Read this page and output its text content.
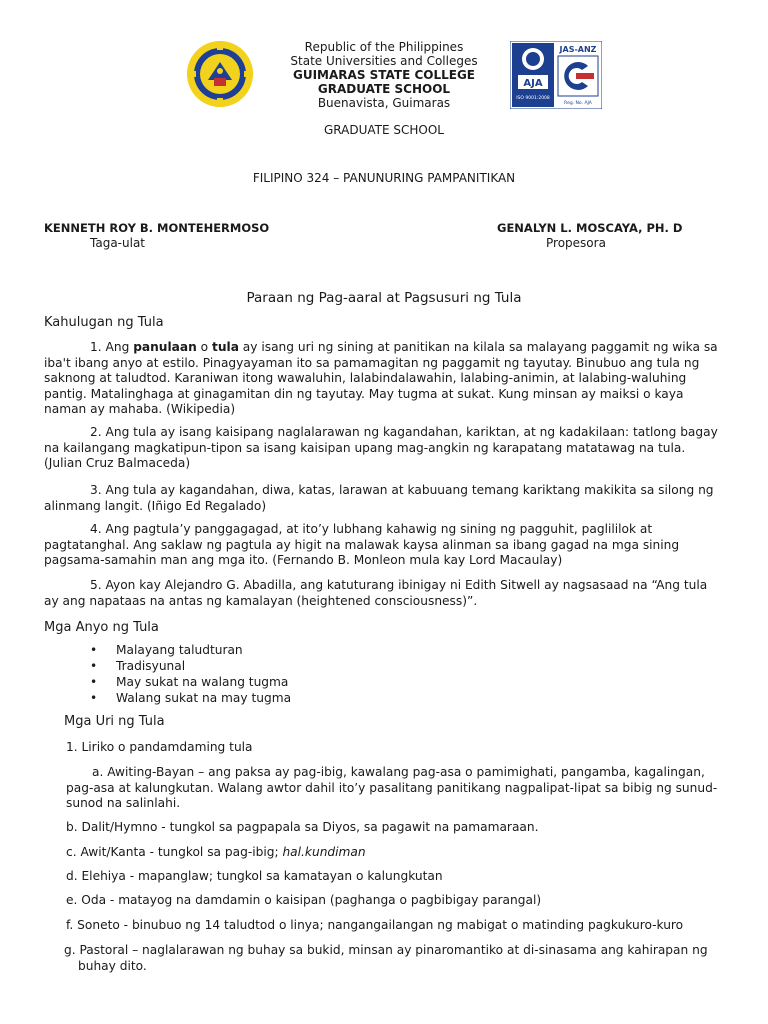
Republic of the Philippines
State Universities and Colleges
GUIMARAS STATE COLLEGE
GRADUATE SCHOOL
Buenavista, Guimaras
AJA
ISO 9001:2008
JAS-ANZ
Reg. No. AJA
GRADUATE SCHOOL
FILIPINO 324 – PANUNURING PAMPANITIKAN
KENNETH ROY B. MONTEHERMOSO
Taga-ulat
GENALYN L. MOSCAYA, PH. D
Propesora
Paraan ng Pag-aaral at Pagsusuri ng Tula
Kahulugan ng Tula

1. Ang panulaan o tula ay isang uri ng sining at panitikan na kilala sa malayang paggamit ng wika sa iba't ibang anyo at estilo. Pinagyayaman ito sa pamamagitan ng paggamit ng tayutay. Binubuo ang tula ng saknong at taludtod. Karaniwan itong wawaluhin, lalabindalawahin, lalabing-animin, at lalabing-waluhing pantig. Matalinghaga at ginagamitan din ng tayutay. May tugma at sukat. Kung minsan ay maiksi o kaya naman ay mahaba. (Wikipedia)

2. Ang tula ay isang kaisipang naglalarawan ng kagandahan, kariktan, at ng kadakilaan: tatlong bagay na kailangang magkatipun-tipon sa isang kaisipan upang mag-angkin ng karapatang matatawag na tula. (Julian Cruz Balmaceda)

3. Ang tula ay kagandahan, diwa, katas, larawan at kabuuang temang kariktang makikita sa silong ng alinmang langit. (Iñigo Ed Regalado)

4. Ang pagtula’y panggagagad, at ito’y lubhang kahawig ng sining ng pagguhit, paglililok at pagtatanghal. Ang saklaw ng pagtula ay higit na malawak kaysa alinman sa ibang gagad na mga sining pagsama-samahin man ang mga ito. (Fernando B. Monleon mula kay Lord Macaulay)

5. Ayon kay Alejandro G. Abadilla, ang katuturang ibinigay ni Edith Sitwell ay nagsasaad na “Ang tula ay ang napataas na antas ng kamalayan (heightened consciousness)”.

Mga Anyo ng Tula
• Malayang taludturan
• Tradisyunal
• May sukat na walang tugma
• Walang sukat na may tugma
Mga Uri ng Tula
1. Liriko o pandamdaming tula

a. Awiting-Bayan – ang paksa ay pag-ibig, kawalang pag-asa o pamimighati, pangamba, kagalingan, pag-asa at kalungkutan. Walang awtor dahil ito’y pasalitang panitikang nagpalipat-lipat sa bibig ng sunud-sunod na salinlahi.

b. Dalit/Hymno - tungkol sa pagpapala sa Diyos, sa pagawit na pamamaraan.
c. Awit/Kanta - tungkol sa pag-ibig; hal.kundiman
d. Elehiya - mapanglaw; tungkol sa kamatayan o kalungkutan
e. Oda - matayog na damdamin o kaisipan (paghanga o pagbibigay parangal)
f. Soneto - binubuo ng 14 taludtod o linya; nangangailangan ng mabigat o matinding pagkukuro-kuro

g. Pastoral – naglalarawan ng buhay sa bukid, minsan ay pinaromantiko at di-sinasama ang kahirapan ng buhay dito.
